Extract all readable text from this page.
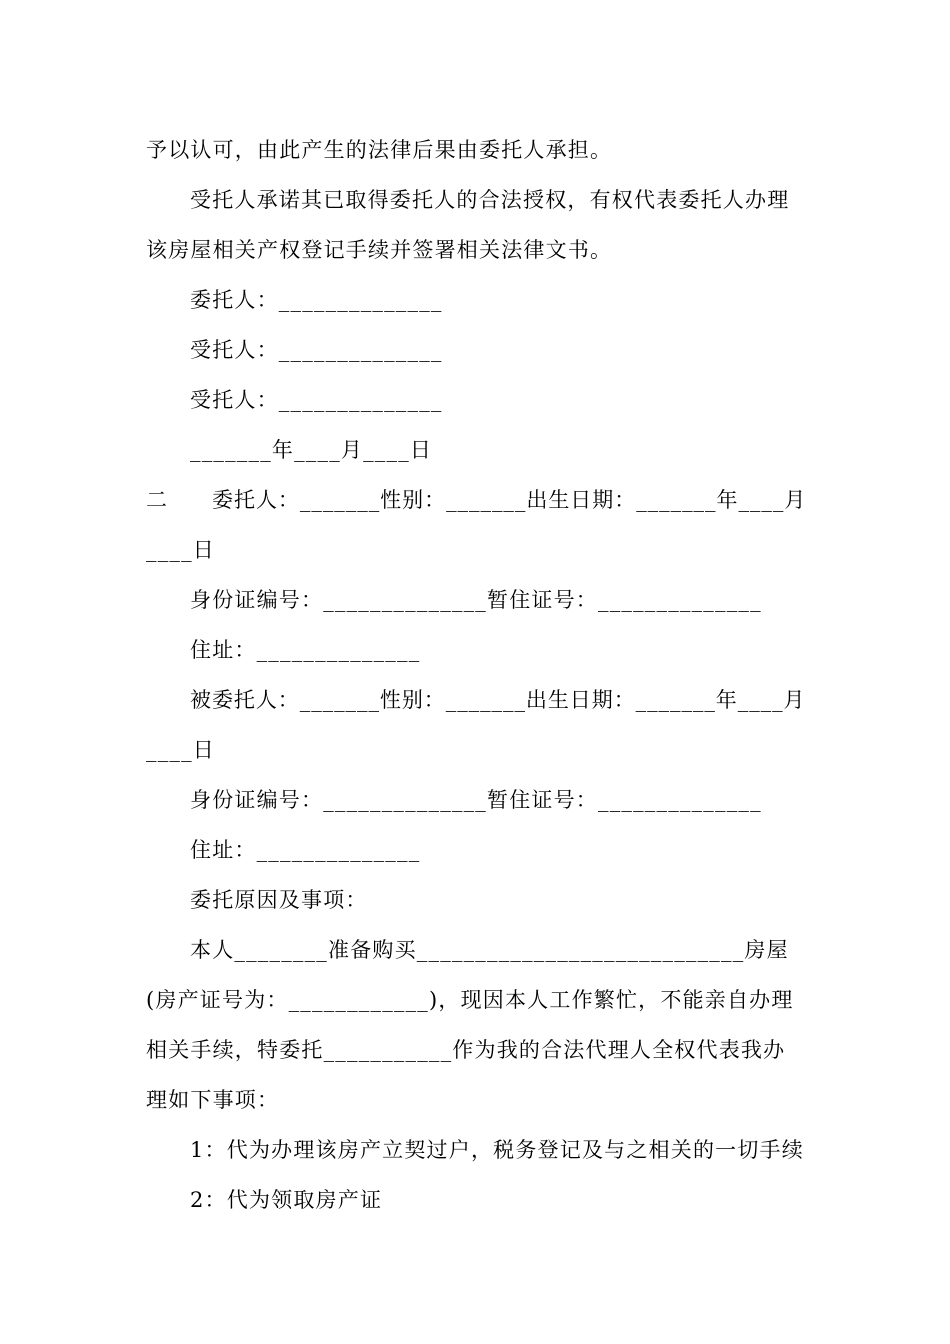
予以认可，由此产生的法律后果由委托人承担。
受托人承诺其已取得委托人的合法授权，有权代表委托人办理
该房屋相关产权登记手续并签署相关法律文书。
委托人：______________
受托人：______________
受托人：______________
_______年____月____日
二 委托人：_______性别：_______出生日期：_______年____月
____日
身份证编号：______________暂住证号：______________
住址：______________
被委托人：_______性别：_______出生日期：_______年____月
____日
身份证编号：______________暂住证号：______________
住址：______________
委托原因及事项：
本人________准备购买____________________________房屋
(房产证号为：____________)，现因本人工作繁忙，不能亲自办理
相关手续，特委托___________作为我的合法代理人全权代表我办
理如下事项：
1：代为办理该房产立契过户，税务登记及与之相关的一切手续
2：代为领取房产证
